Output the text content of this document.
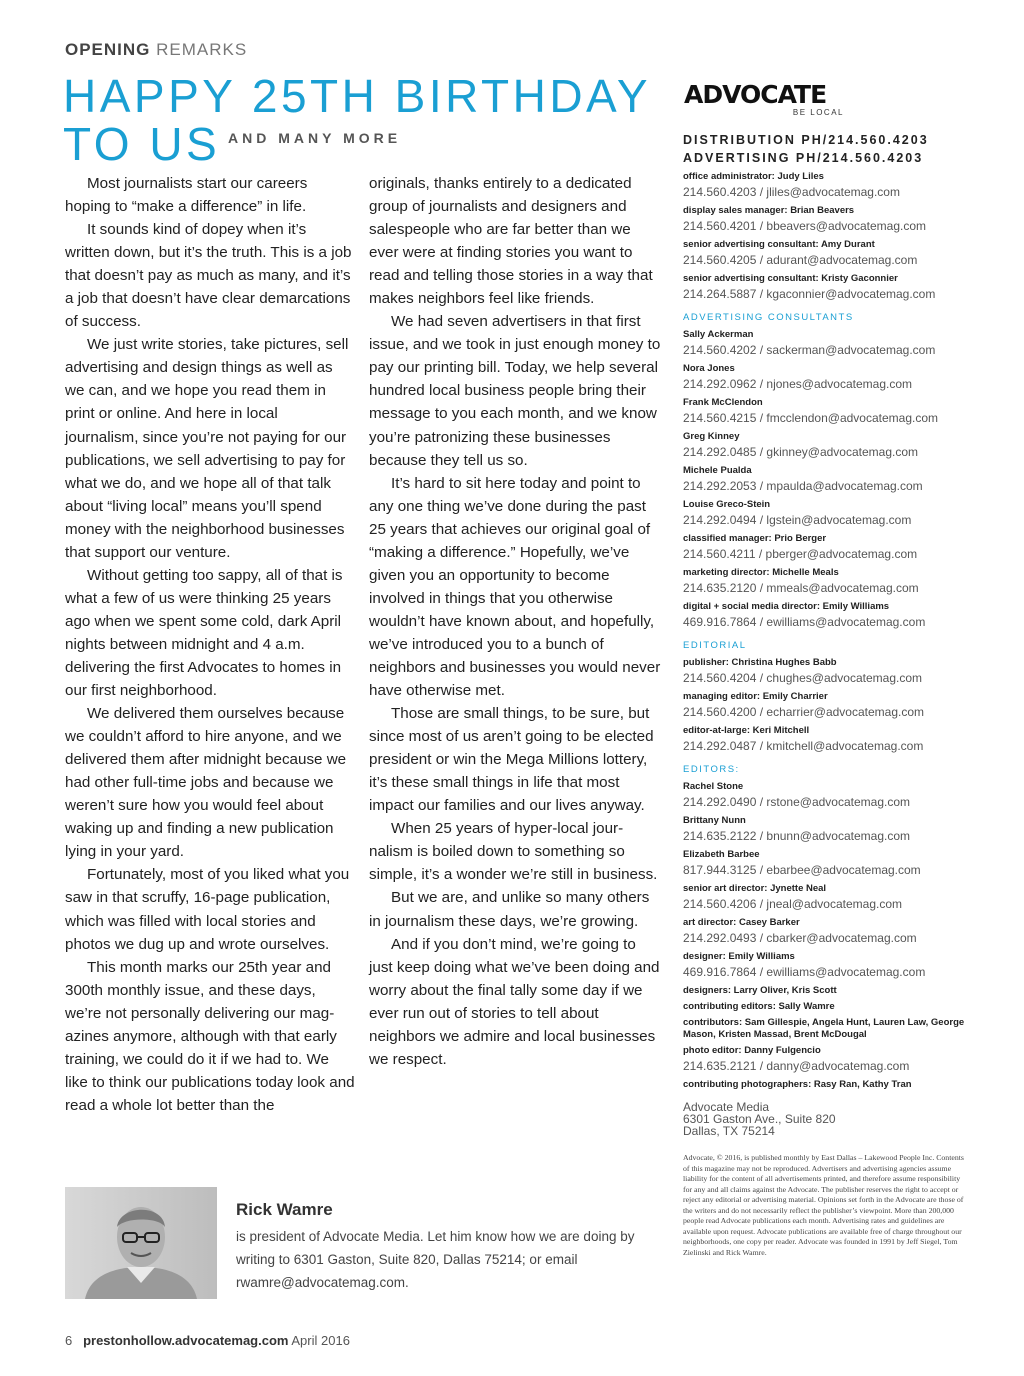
OPENING REMARKS
HAPPY 25TH BIRTHDAY
TO US AND MANY MORE

Most journalists start our careers hoping to “make a difference” in life.

It sounds kind of dopey when it’s written down, but it’s the truth. This is a job that doesn’t pay as much as many, and it’s a job that doesn’t have clear demarcations of success.

We just write stories, take pictures, sell advertising and design things as well as we can, and we hope you read them in print or online. And here in local journalism, since you’re not paying for our publications, we sell advertising to pay for what we do, and we hope all of that talk about “living local” means you’ll spend money with the neighborhood businesses that support our venture.

Without getting too sappy, all of that is what a few of us were thinking 25 years ago when we spent some cold, dark April nights between midnight and 4 a.m. delivering the first Advocates to homes in our first neighborhood.

We delivered them ourselves because we couldn’t afford to hire anyone, and we delivered them after midnight because we had other full-time jobs and because we weren’t sure how you would feel about waking up and finding a new publication lying in your yard.

Fortunately, most of you liked what you saw in that scruffy, 16-page publication, which was filled with local stories and photos we dug up and wrote ourselves.

This month marks our 25th year and 300th monthly issue, and these days, we’re not personally delivering our magazines anymore, although with that early training, we could do it if we had to. We like to think our publications today look and read a whole lot better than the

originals, thanks entirely to a dedicated group of journalists and designers and salespeople who are far better than we ever were at finding stories you want to read and telling those stories in a way that makes neighbors feel like friends.

We had seven advertisers in that first issue, and we took in just enough money to pay our printing bill. Today, we help several hundred local business people bring their message to you each month, and we know you’re patronizing these businesses because they tell us so.

It’s hard to sit here today and point to any one thing we’ve done during the past 25 years that achieves our original goal of “making a difference.” Hopefully, we’ve given you an opportunity to become involved in things that you otherwise wouldn’t have known about, and hopefully, we’ve introduced you to a bunch of neighbors and businesses you would never have otherwise met.

Those are small things, to be sure, but since most of us aren’t going to be elected president or win the Mega Millions lottery, it’s these small things in life that most impact our families and our lives anyway.

When 25 years of hyper-local journalism is boiled down to something so simple, it’s a wonder we’re still in business.

But we are, and unlike so many others in journalism these days, we’re growing.

And if you don’t mind, we’re going to just keep doing what we’ve been doing and worry about the final tally some day if we ever run out of stories to tell about neighbors we admire and local businesses we respect.

Rick Wamre
is president of Advocate Media. Let him know how we are doing by writing to 6301 Gaston, Suite 820, Dallas 75214; or email rwamre@advocatemag.com.
6 prestonhollow.advocatemag.com April 2016
ADVOCATE
BE LOCAL
DISTRIBUTION PH/214.560.4203
ADVERTISING PH/214.560.4203
office administrator: Judy Liles
214.560.4203 / jliles@advocatemag.com
display sales manager: Brian Beavers
214.560.4201 / bbeavers@advocatemag.com
senior advertising consultant: Amy Durant
214.560.4205 / adurant@advocatemag.com
senior advertising consultant: Kristy Gaconnier
214.264.5887 / kgaconnier@advocatemag.com
ADVERTISING CONSULTANTS
Sally Ackerman
214.560.4202 / sackerman@advocatemag.com
Nora Jones
214.292.0962 / njones@advocatemag.com
Frank McClendon
214.560.4215 / fmcclendon@advocatemag.com
Greg Kinney
214.292.0485 / gkinney@advocatemag.com
Michele Pualda
214.292.2053 / mpaulda@advocatemag.com
Louise Greco-Stein
214.292.0494 / lgstein@advocatemag.com
classified manager: Prio Berger
214.560.4211 / pberger@advocatemag.com
marketing director: Michelle Meals
214.635.2120 / mmeals@advocatemag.com
digital + social media director: Emily Williams
469.916.7864 / ewilliams@advocatemag.com
EDITORIAL
publisher: Christina Hughes Babb
214.560.4204 / chughes@advocatemag.com
managing editor: Emily Charrier
214.560.4200 / echarrier@advocatemag.com
editor-at-large: Keri Mitchell
214.292.0487 / kmitchell@advocatemag.com
EDITORS:
Rachel Stone
214.292.0490 / rstone@advocatemag.com
Brittany Nunn
214.635.2122 / bnunn@advocatemag.com
Elizabeth Barbee
817.944.3125 / ebarbee@advocatemag.com
senior art director: Jynette Neal
214.560.4206 / jneal@advocatemag.com
art director: Casey Barker
214.292.0493 / cbarker@advocatemag.com
designer: Emily Williams
469.916.7864 / ewilliams@advocatemag.com
designers: Larry Oliver, Kris Scott
contributing editors: Sally Wamre
contributors: Sam Gillespie, Angela Hunt, Lauren Law, George Mason, Kristen Massad, Brent McDougal
photo editor: Danny Fulgencio
214.635.2121 / danny@advocatemag.com
contributing photographers: Rasy Ran, Kathy Tran
Advocate Media
6301 Gaston Ave., Suite 820
Dallas, TX 75214
Advocate, © 2016, is published monthly by East Dallas – Lakewood People Inc. Contents of this magazine may not be reproduced. Advertisers and advertising agencies assume liability for the content of all advertisements printed, and therefore assume responsibility for any and all claims against the Advocate. The publisher reserves the right to accept or reject any editorial or advertising material. Opinions set forth in the Advocate are those of the writers and do not necessarily reflect the publisher’s viewpoint. More than 200,000 people read Advocate publications each month. Advertising rates and guidelines are available upon request. Advocate publications are available free of charge throughout our neighborhoods, one copy per reader. Advocate was founded in 1991 by Jeff Siegel, Tom Zielinski and Rick Wamre.
